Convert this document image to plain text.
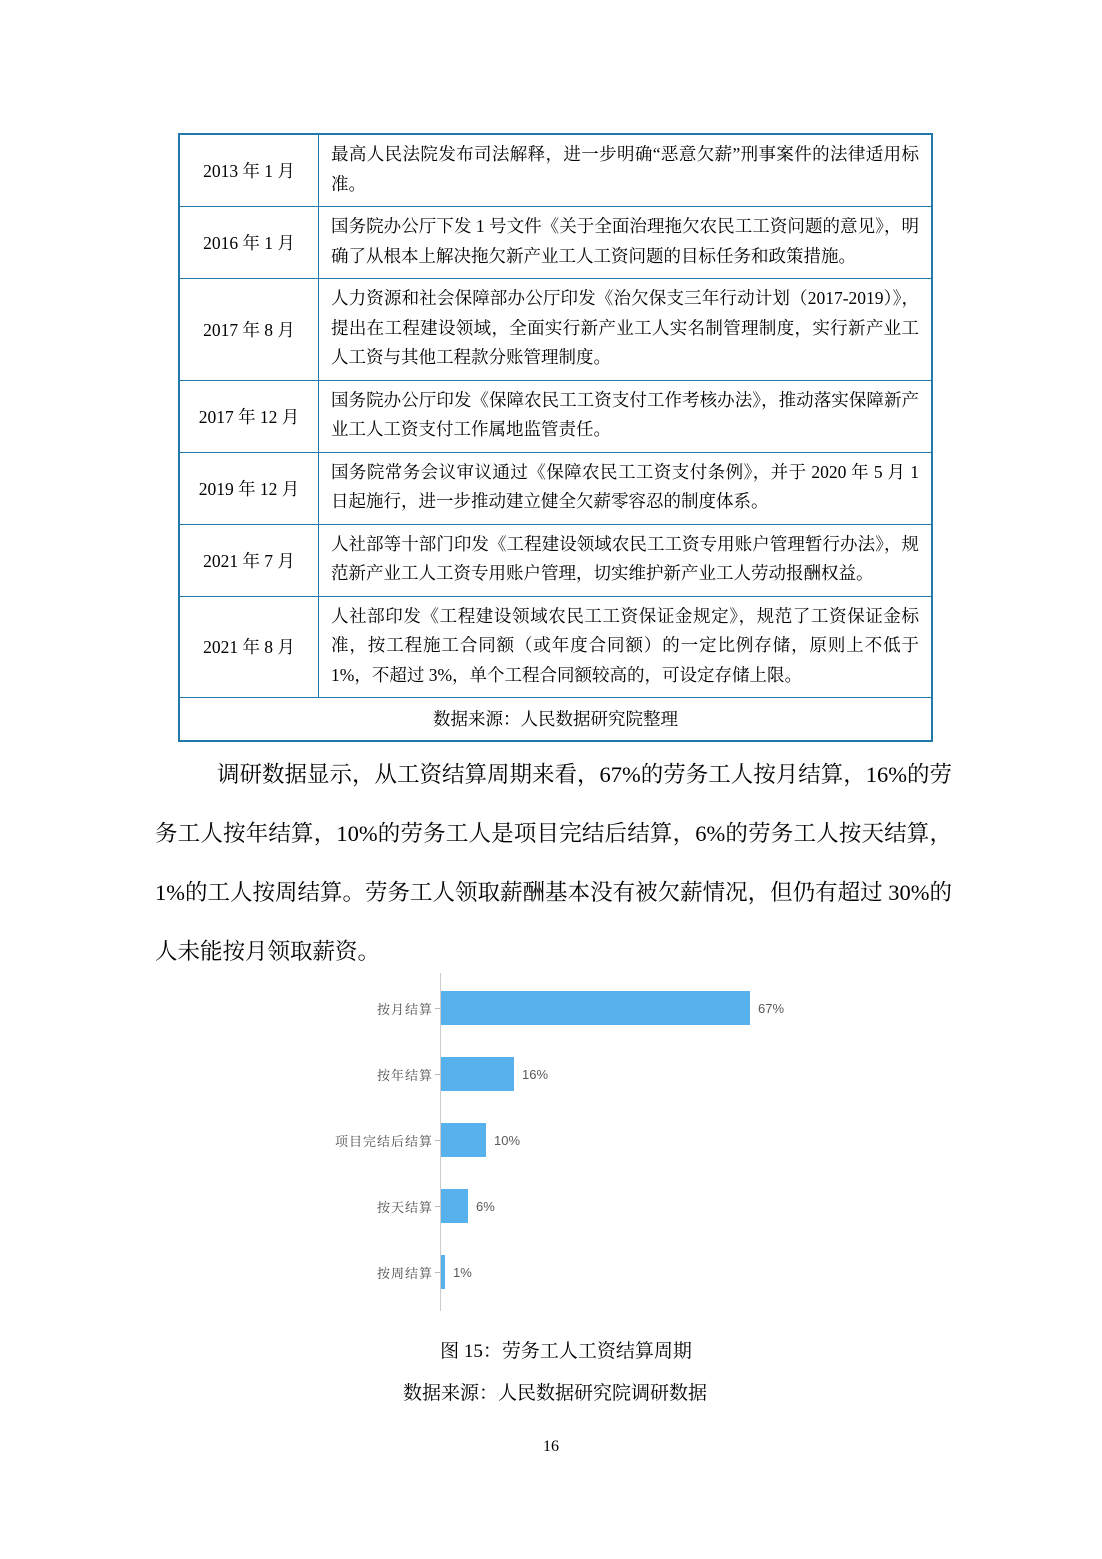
2013 年 1 月	最高人民法院发布司法解释，进一步明确“恶意欠薪”刑事案件的法律适用标准。
2016 年 1 月	国务院办公厅下发 1 号文件《关于全面治理拖欠农民工工资问题的意见》，明确了从根本上解决拖欠新产业工人工资问题的目标任务和政策措施。
2017 年 8 月	人力资源和社会保障部办公厅印发《治欠保支三年行动计划（2017-2019）》，提出在工程建设领域，全面实行新产业工人实名制管理制度，实行新产业工人工资与其他工程款分账管理制度。
2017 年 12 月	国务院办公厅印发《保障农民工工资支付工作考核办法》，推动落实保障新产业工人工资支付工作属地监管责任。
2019 年 12 月	国务院常务会议审议通过《保障农民工工资支付条例》，并于 2020 年 5 月 1 日起施行，进一步推动建立健全欠薪零容忍的制度体系。
2021 年 7 月	人社部等十部门印发《工程建设领域农民工工资专用账户管理暂行办法》，规范新产业工人工资专用账户管理，切实维护新产业工人劳动报酬权益。
2021 年 8 月	人社部印发《工程建设领域农民工工资保证金规定》，规范了工资保证金标准，按工程施工合同额（或年度合同额）的一定比例存储，原则上不低于 1%，不超过 3%，单个工程合同额较高的，可设定存储上限。
数据来源：人民数据研究院整理	

调研数据显示，从工资结算周期来看，67%的劳务工人按月结算，16%的劳务工人按年结算，10%的劳务工人是项目完结后结算，6%的劳务工人按天结算，1%的工人按周结算。劳务工人领取薪酬基本没有被欠薪情况，但仍有超过 30%的人未能按月领取薪资。

按月结算	67%
按年结算	16%
项目完结后结算	10%
按天结算	6%
按周结算 1%
图 15：劳务工人工资结算周期
数据来源：人民数据研究院调研数据
16
